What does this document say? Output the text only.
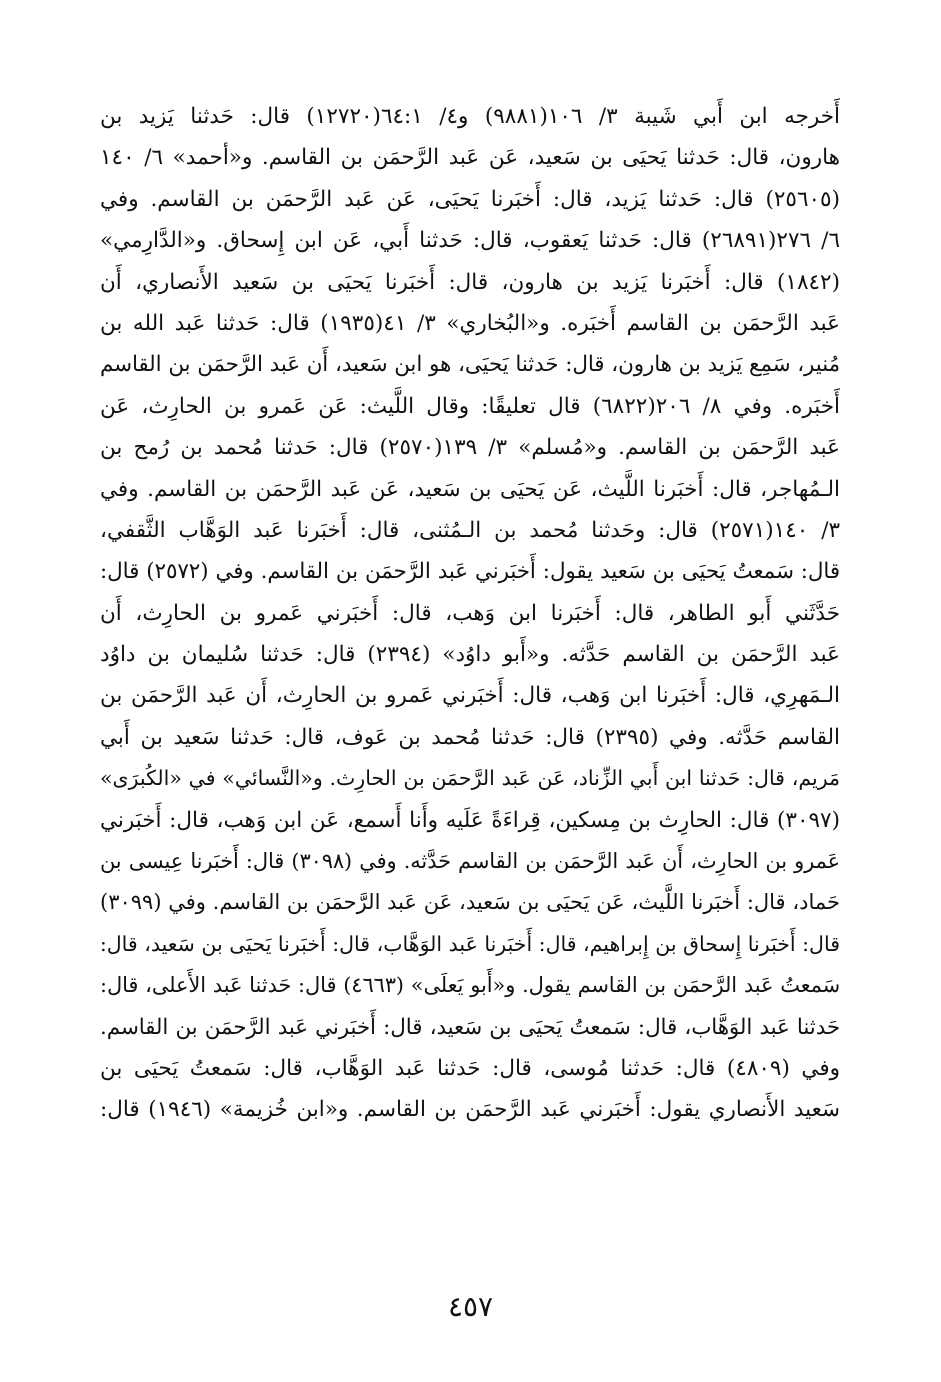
أَخرجه ابن أَبي شَيبة ٣/ ١٠٦(٩٨٨١) و٤/ ٦٤:١(١٢٧٢٠) قال: حَدثنا يَزيد بن
هارون، قال: حَدثنا يَحيَى بن سَعيد، عَن عَبد الرَّحمَن بن القاسم. و«أحمد» ٦/ ١٤٠
(٢٥٦٠٥) قال: حَدثنا يَزيد، قال: أَخبَرنا يَحيَى، عَن عَبد الرَّحمَن بن القاسم. وفي
٦/ ٢٧٦(٢٦٨٩١) قال: حَدثنا يَعقوب، قال: حَدثنا أَبي، عَن ابن إِسحاق. و«الدَّارِمي»
(١٨٤٢) قال: أَخبَرنا يَزيد بن هارون، قال: أَخبَرنا يَحيَى بن سَعيد الأَنصاري، أَن
عَبد الرَّحمَن بن القاسم أَخبَره. و«البُخاري» ٣/ ٤١(١٩٣٥) قال: حَدثنا عَبد الله بن
مُنير، سَمِع يَزيد بن هارون، قال: حَدثنا يَحيَى، هو ابن سَعيد، أَن عَبد الرَّحمَن بن القاسم
أَخبَره. وفي ٨/ ٢٠٦(٦٨٢٢) قال تعليقًا: وقال اللَّيث: عَن عَمرو بن الحارِث، عَن
عَبد الرَّحمَن بن القاسم. و«مُسلم» ٣/ ١٣٩(٢٥٧٠) قال: حَدثنا مُحمد بن رُمح بن
الـمُهاجر، قال: أَخبَرنا اللَّيث، عَن يَحيَى بن سَعيد، عَن عَبد الرَّحمَن بن القاسم. وفي
٣/ ١٤٠(٢٥٧١) قال: وحَدثنا مُحمد بن الـمُثنى، قال: أَخبَرنا عَبد الوَهَّاب الثَّقفي،
قال: سَمعتُ يَحيَى بن سَعيد يقول: أَخبَرني عَبد الرَّحمَن بن القاسم. وفي (٢٥٧٢) قال:
حَدَّثَني أَبو الطاهر، قال: أَخبَرنا ابن وَهب، قال: أَخبَرني عَمرو بن الحارِث، أَن
عَبد الرَّحمَن بن القاسم حَدَّثه. و«أَبو داوُد» (٢٣٩٤) قال: حَدثنا سُليمان بن داوُد
الـمَهرِي، قال: أَخبَرنا ابن وَهب، قال: أَخبَرني عَمرو بن الحارِث، أَن عَبد الرَّحمَن بن
القاسم حَدَّثه. وفي (٢٣٩٥) قال: حَدثنا مُحمد بن عَوف، قال: حَدثنا سَعيد بن أَبي
مَريم، قال: حَدثنا ابن أَبي الزِّناد، عَن عَبد الرَّحمَن بن الحارِث. و«النَّسائي» في «الكُبرَى»
(٣٠٩٧) قال: الحارِث بن مِسكين، قِراءَةً عَلَيه وأَنا أَسمع، عَن ابن وَهب، قال: أَخبَرني
عَمرو بن الحارِث، أَن عَبد الرَّحمَن بن القاسم حَدَّثه. وفي (٣٠٩٨) قال: أَخبَرنا عِيسى بن
حَماد، قال: أَخبَرنا اللَّيث، عَن يَحيَى بن سَعيد، عَن عَبد الرَّحمَن بن القاسم. وفي (٣٠٩٩)
قال: أَخبَرنا إِسحاق بن إِبراهيم، قال: أَخبَرنا عَبد الوَهَّاب، قال: أَخبَرنا يَحيَى بن سَعيد، قال:
سَمعتُ عَبد الرَّحمَن بن القاسم يقول. و«أَبو يَعلَى» (٤٦٦٣) قال: حَدثنا عَبد الأَعلى، قال:
حَدثنا عَبد الوَهَّاب، قال: سَمعتُ يَحيَى بن سَعيد، قال: أَخبَرني عَبد الرَّحمَن بن القاسم.
وفي (٤٨٠٩) قال: حَدثنا مُوسى، قال: حَدثنا عَبد الوَهَّاب، قال: سَمعتُ يَحيَى بن
سَعيد الأَنصاري يقول: أَخبَرني عَبد الرَّحمَن بن القاسم. و«ابن خُزيمة» (١٩٤٦) قال:
٤٥٧
